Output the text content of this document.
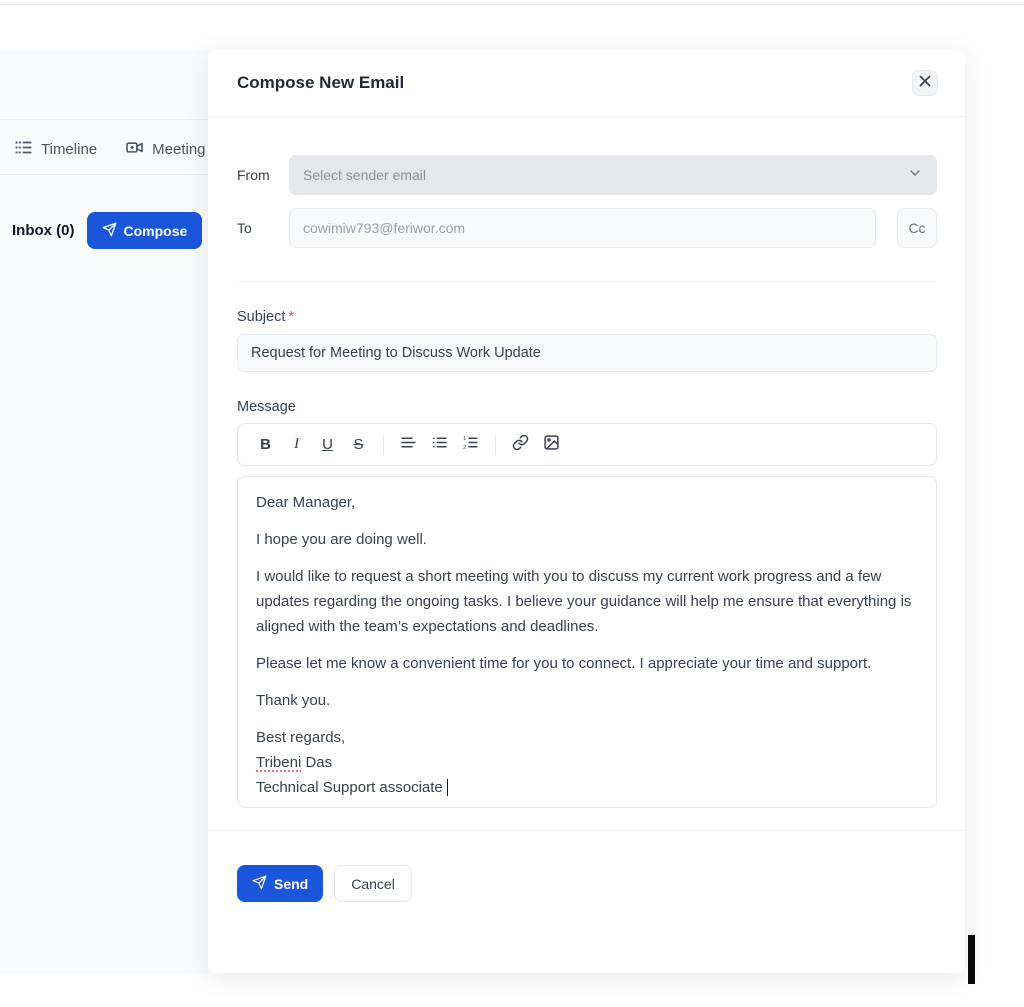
Timeline	Meeting
Inbox (0)	Compose
Compose New Email
From	Select sender email
To	cowimiw793@feriwor.com	Cc
Subject *
Request for Meeting to Discuss Work Update
Message
B	I	U	S	1
2

Dear Manager,

I hope you are doing well.

I would like to request a short meeting with you to discuss my current work progress and a few updates regarding the ongoing tasks. I believe your guidance will help me ensure that everything is aligned with the team’s expectations and deadlines.

Please let me know a convenient time for you to connect. I appreciate your time and support.

Thank you.

Best regards,
Tribeni Das
Technical Support associate

Send	Cancel
